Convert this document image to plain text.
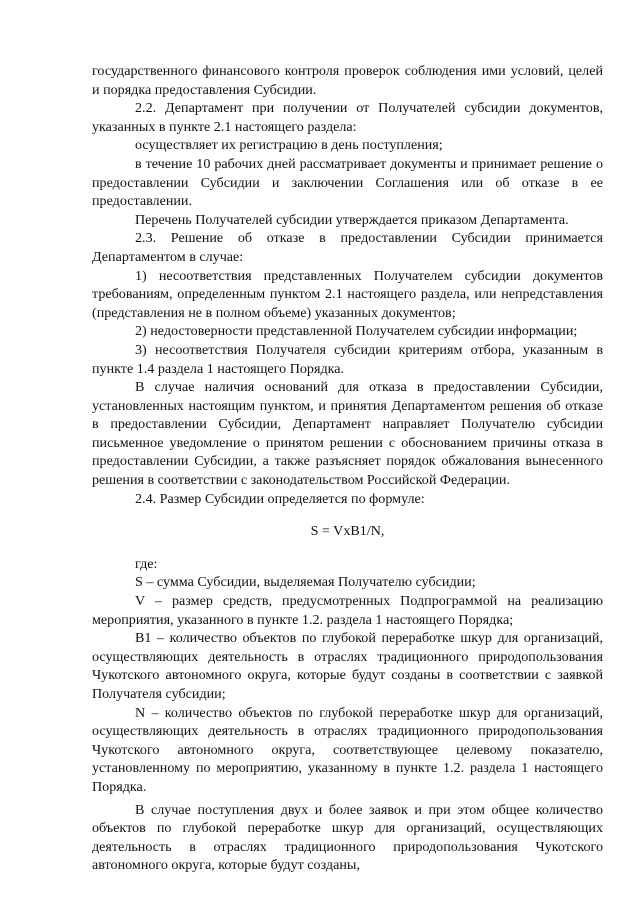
государственного финансового контроля проверок соблюдения ими условий, целей и порядка предоставления Субсидии.

2.2. Департамент при получении от Получателей субсидии документов, указанных в пункте 2.1 настоящего раздела:

осуществляет их регистрацию в день поступления;

в течение 10 рабочих дней рассматривает документы и принимает решение о предоставлении Субсидии и заключении Соглашения или об отказе в ее предоставлении.

Перечень Получателей субсидии утверждается приказом Департамента.

2.3. Решение об отказе в предоставлении Субсидии принимается Департаментом в случае:

1) несоответствия представленных Получателем субсидии документов требованиям, определенным пунктом 2.1 настоящего раздела, или непредставления (представления не в полном объеме) указанных документов;

2) недостоверности представленной Получателем субсидии информации;

3) несоответствия Получателя субсидии критериям отбора, указанным в пункте 1.4 раздела 1 настоящего Порядка.

В случае наличия оснований для отказа в предоставлении Субсидии, установленных настоящим пунктом, и принятия Департаментом решения об отказе в предоставлении Субсидии, Департамент направляет Получателю субсидии письменное уведомление о принятом решении с обоснованием причины отказа в предоставлении Субсидии, а также разъясняет порядок обжалования вынесенного решения в соответствии с законодательством Российской Федерации.

2.4. Размер Субсидии определяется по формуле:

S = VxB1/N,

где:

S – сумма Субсидии, выделяемая Получателю субсидии;

V – размер средств, предусмотренных Подпрограммой на реализацию мероприятия, указанного в пункте 1.2. раздела 1 настоящего Порядка;

B1 – количество объектов по глубокой переработке шкур для организаций, осуществляющих деятельность в отраслях традиционного природопользования Чукотского автономного округа, которые будут созданы в соответствии с заявкой Получателя субсидии;

N – количество объектов по глубокой переработке шкур для организаций, осуществляющих деятельность в отраслях традиционного природопользования Чукотского автономного округа, соответствующее целевому показателю, установленному по мероприятию, указанному в пункте 1.2. раздела 1 настоящего Порядка.

В случае поступления двух и более заявок и при этом общее количество объектов по глубокой переработке шкур для организаций, осуществляющих деятельность в отраслях традиционного природопользования Чукотского автономного округа, которые будут созданы,
